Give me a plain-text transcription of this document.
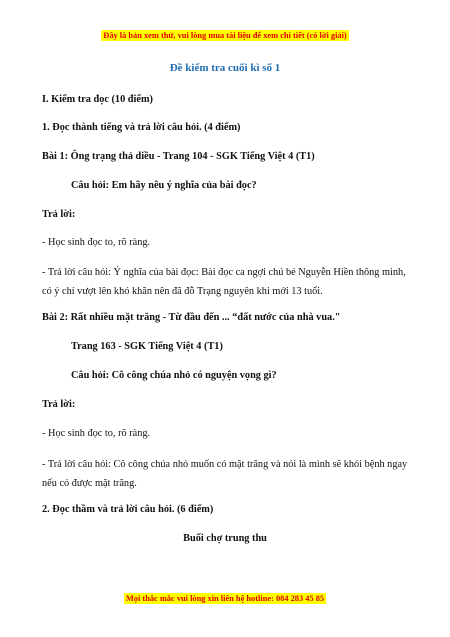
Đây là bản xem thử, vui lòng mua tài liệu để xem chi tiết (có lời giải)
Đề kiểm tra cuối kì số 1
I. Kiểm tra đọc (10 điểm)
1. Đọc thành tiếng và trả lời câu hỏi. (4 điểm)
Bài 1: Ông trạng thả diều - Trang 104 - SGK Tiếng Việt 4 (T1)
Câu hỏi: Em hãy nêu ý nghĩa của bài đọc?
Trả lời:
- Học sinh đọc to, rõ ràng.
- Trả lời câu hỏi: Ý nghĩa của bài đọc: Bài đọc ca ngợi chú bé Nguyễn Hiền thông minh, có ý chí vượt lên khó khăn nên đã đỗ Trạng nguyên khi mới 13 tuổi.
Bài 2: Rất nhiều mặt trăng - Từ đầu đến ... “đất nước của nhà vua."
Trang 163 - SGK Tiếng Việt 4 (T1)
Câu hỏi: Cô công chúa nhỏ có nguyện vọng gì?
Trả lời:
- Học sinh đọc to, rõ ràng.
- Trả lời câu hỏi: Cô công chúa nhỏ muốn có mặt trăng và nói là mình sẽ khỏi bệnh ngay nếu có được mặt trăng.
2. Đọc thầm và trả lời câu hỏi. (6 điểm)
Buổi chợ trung thu
Mọi thắc mắc vui lòng xin liên hệ hotline: 084 283 45 85
